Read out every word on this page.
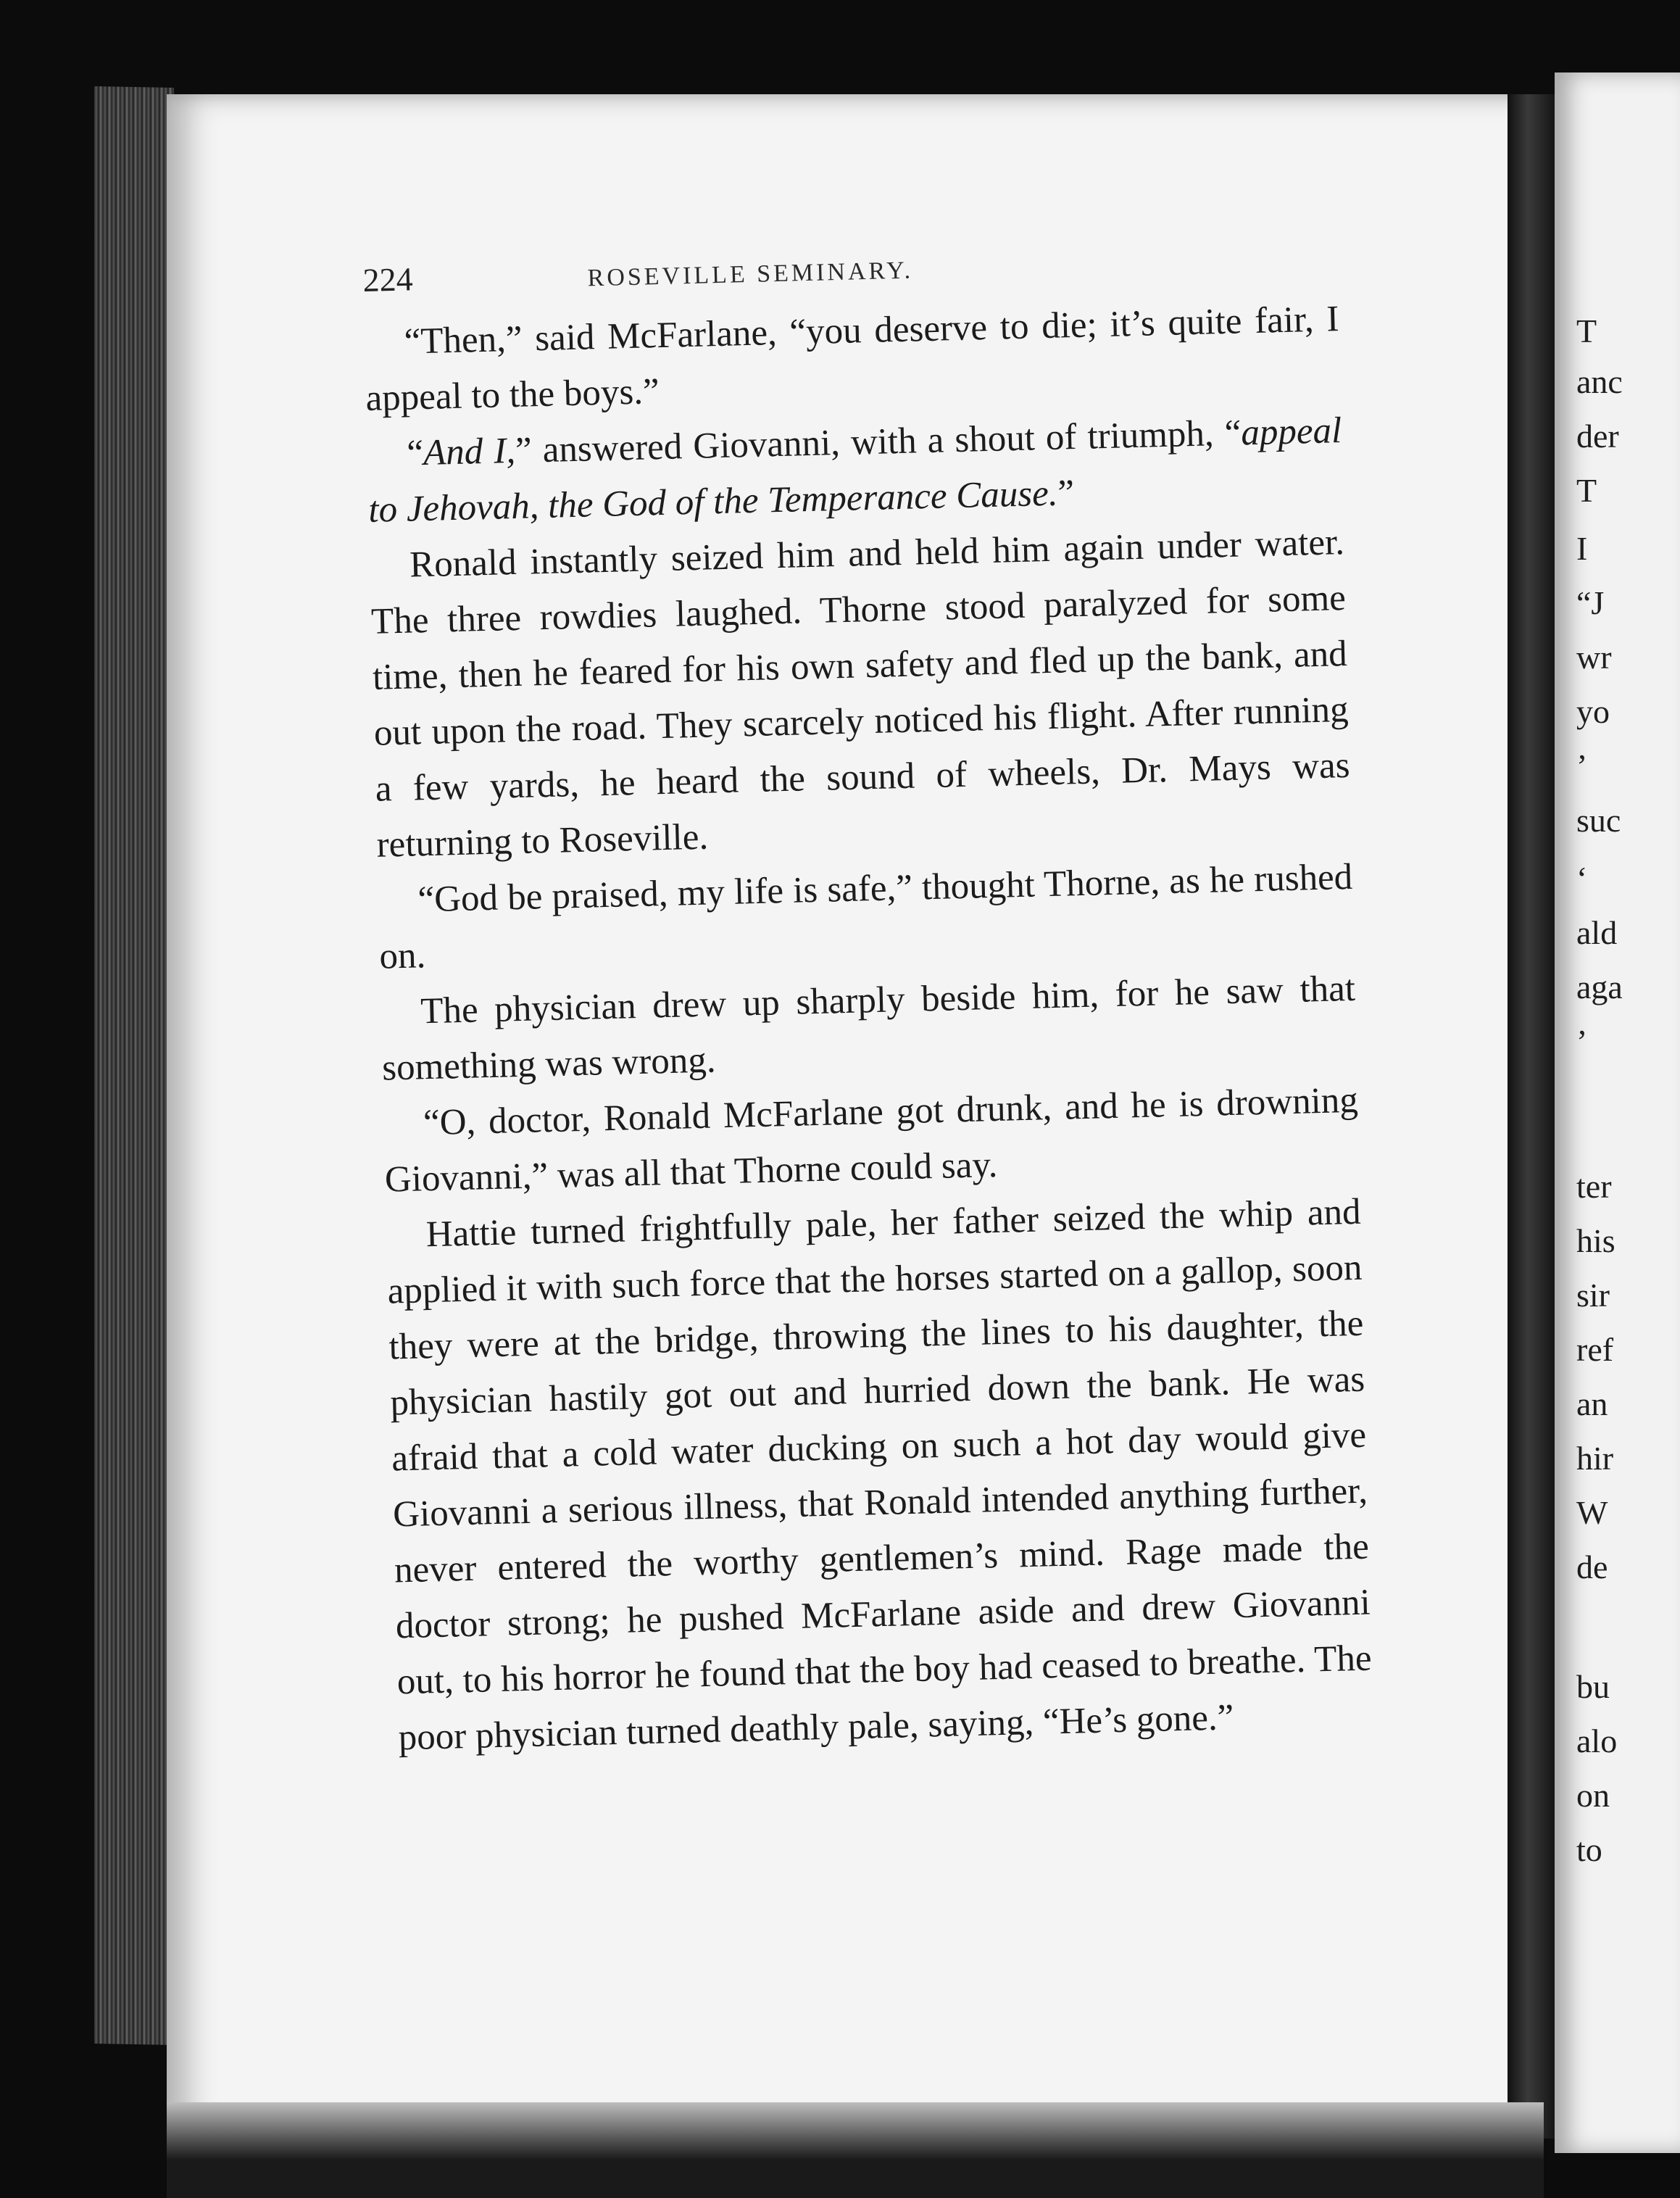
224	ROSEVILLE SEMINARY.

“Then,” said McFarlane, “you deserve to die; it’s quite fair, I appeal to the boys.”

“And I,” answered Giovanni, with a shout of triumph, “appeal to Jehovah, the God of the Temperance Cause.”

Ronald instantly seized him and held him again under water. The three rowdies laughed. Thorne stood paralyzed for some time, then he feared for his own safety and fled up the bank, and out upon the road. They scarcely noticed his flight. After running a few yards, he heard the sound of wheels, Dr. Mays was returning to Roseville.

“God be praised, my life is safe,” thought Thorne, as he rushed on.

The physician drew up sharply beside him, for he saw that something was wrong.

“O, doctor, Ronald McFarlane got drunk, and he is drowning Giovanni,” was all that Thorne could say.

Hattie turned frightfully pale, her father seized the whip and applied it with such force that the horses started on a gallop, soon they were at the bridge, throwing the lines to his daughter, the physician hastily got out and hurried down the bank. He was afraid that a cold water ducking on such a hot day would give Giovanni a serious illness, that Ronald intended anything further, never entered the worthy gentlemen’s mind. Rage made the doctor strong; he pushed McFarlane aside and drew Giovanni out, to his horror he found that the boy had ceased to breathe. The poor physician turned deathly pale, saying, “He’s gone.”

T
anc
der
T
I
“J
wr
yo
’
suc
‘
ald
aga
’
ter
his
sir
ref
an
hir
W
de
bu
alo
on
to
